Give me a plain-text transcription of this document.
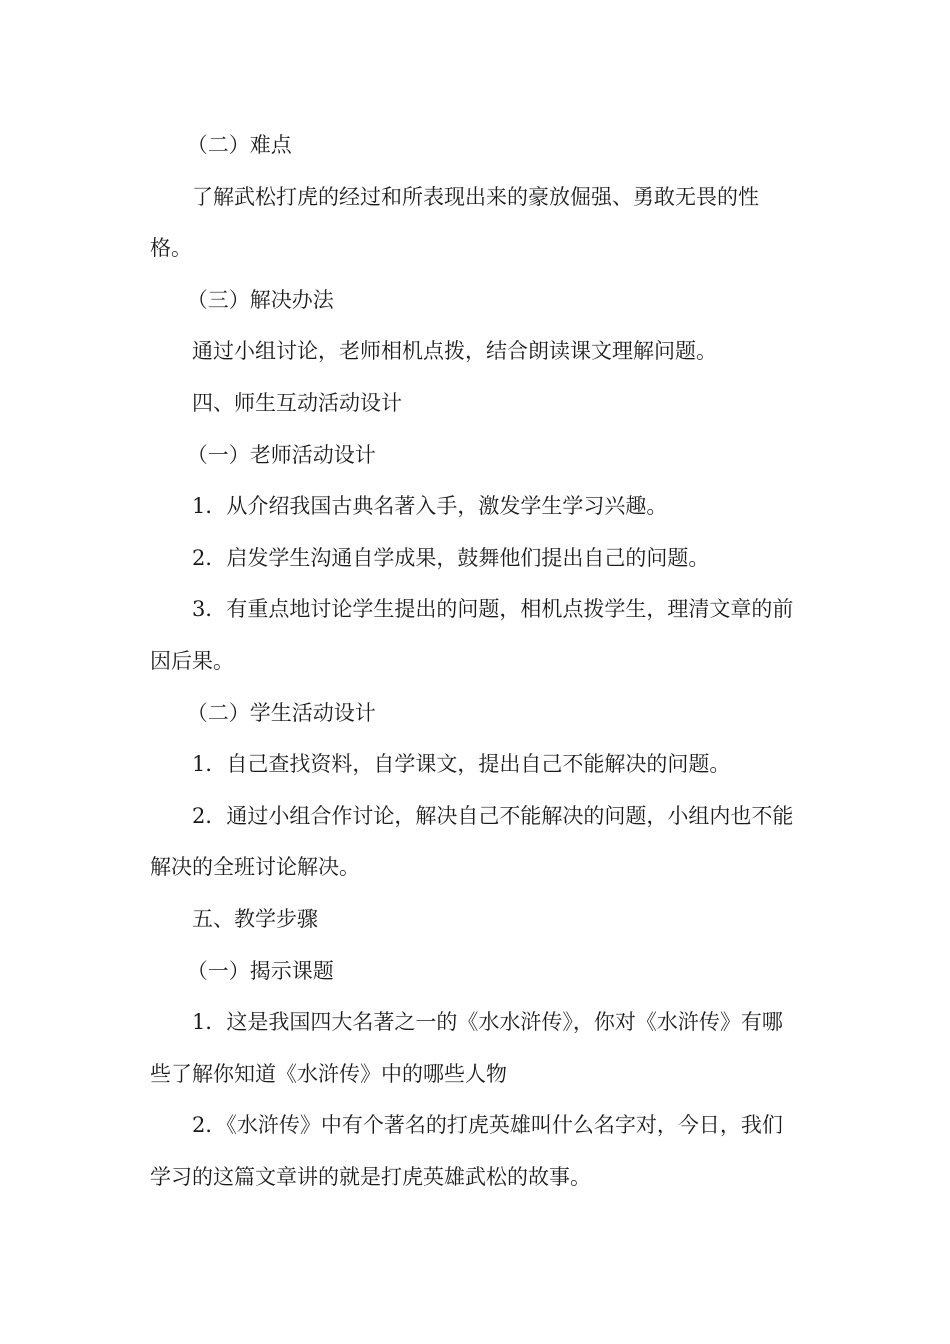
（二）难点

了解武松打虎的经过和所表现出来的豪放倔强、勇敢无畏的性格。

（三）解决办法

通过小组讨论，老师相机点拨，结合朗读课文理解问题。

四、师生互动活动设计

（一）老师活动设计

1．从介绍我国古典名著入手，激发学生学习兴趣。

2．启发学生沟通自学成果，鼓舞他们提出自己的问题。

3．有重点地讨论学生提出的问题，相机点拨学生，理清文章的前因后果。

（二）学生活动设计

1．自己查找资料，自学课文，提出自己不能解决的问题。

2．通过小组合作讨论，解决自己不能解决的问题，小组内也不能解决的全班讨论解决。

五、教学步骤

（一）揭示课题

1．这是我国四大名著之一的《水水浒传》，你对《水浒传》有哪些了解你知道《水浒传》中的哪些人物

2．《水浒传》中有个著名的打虎英雄叫什么名字对，今日，我们学习的这篇文章讲的就是打虎英雄武松的故事。
